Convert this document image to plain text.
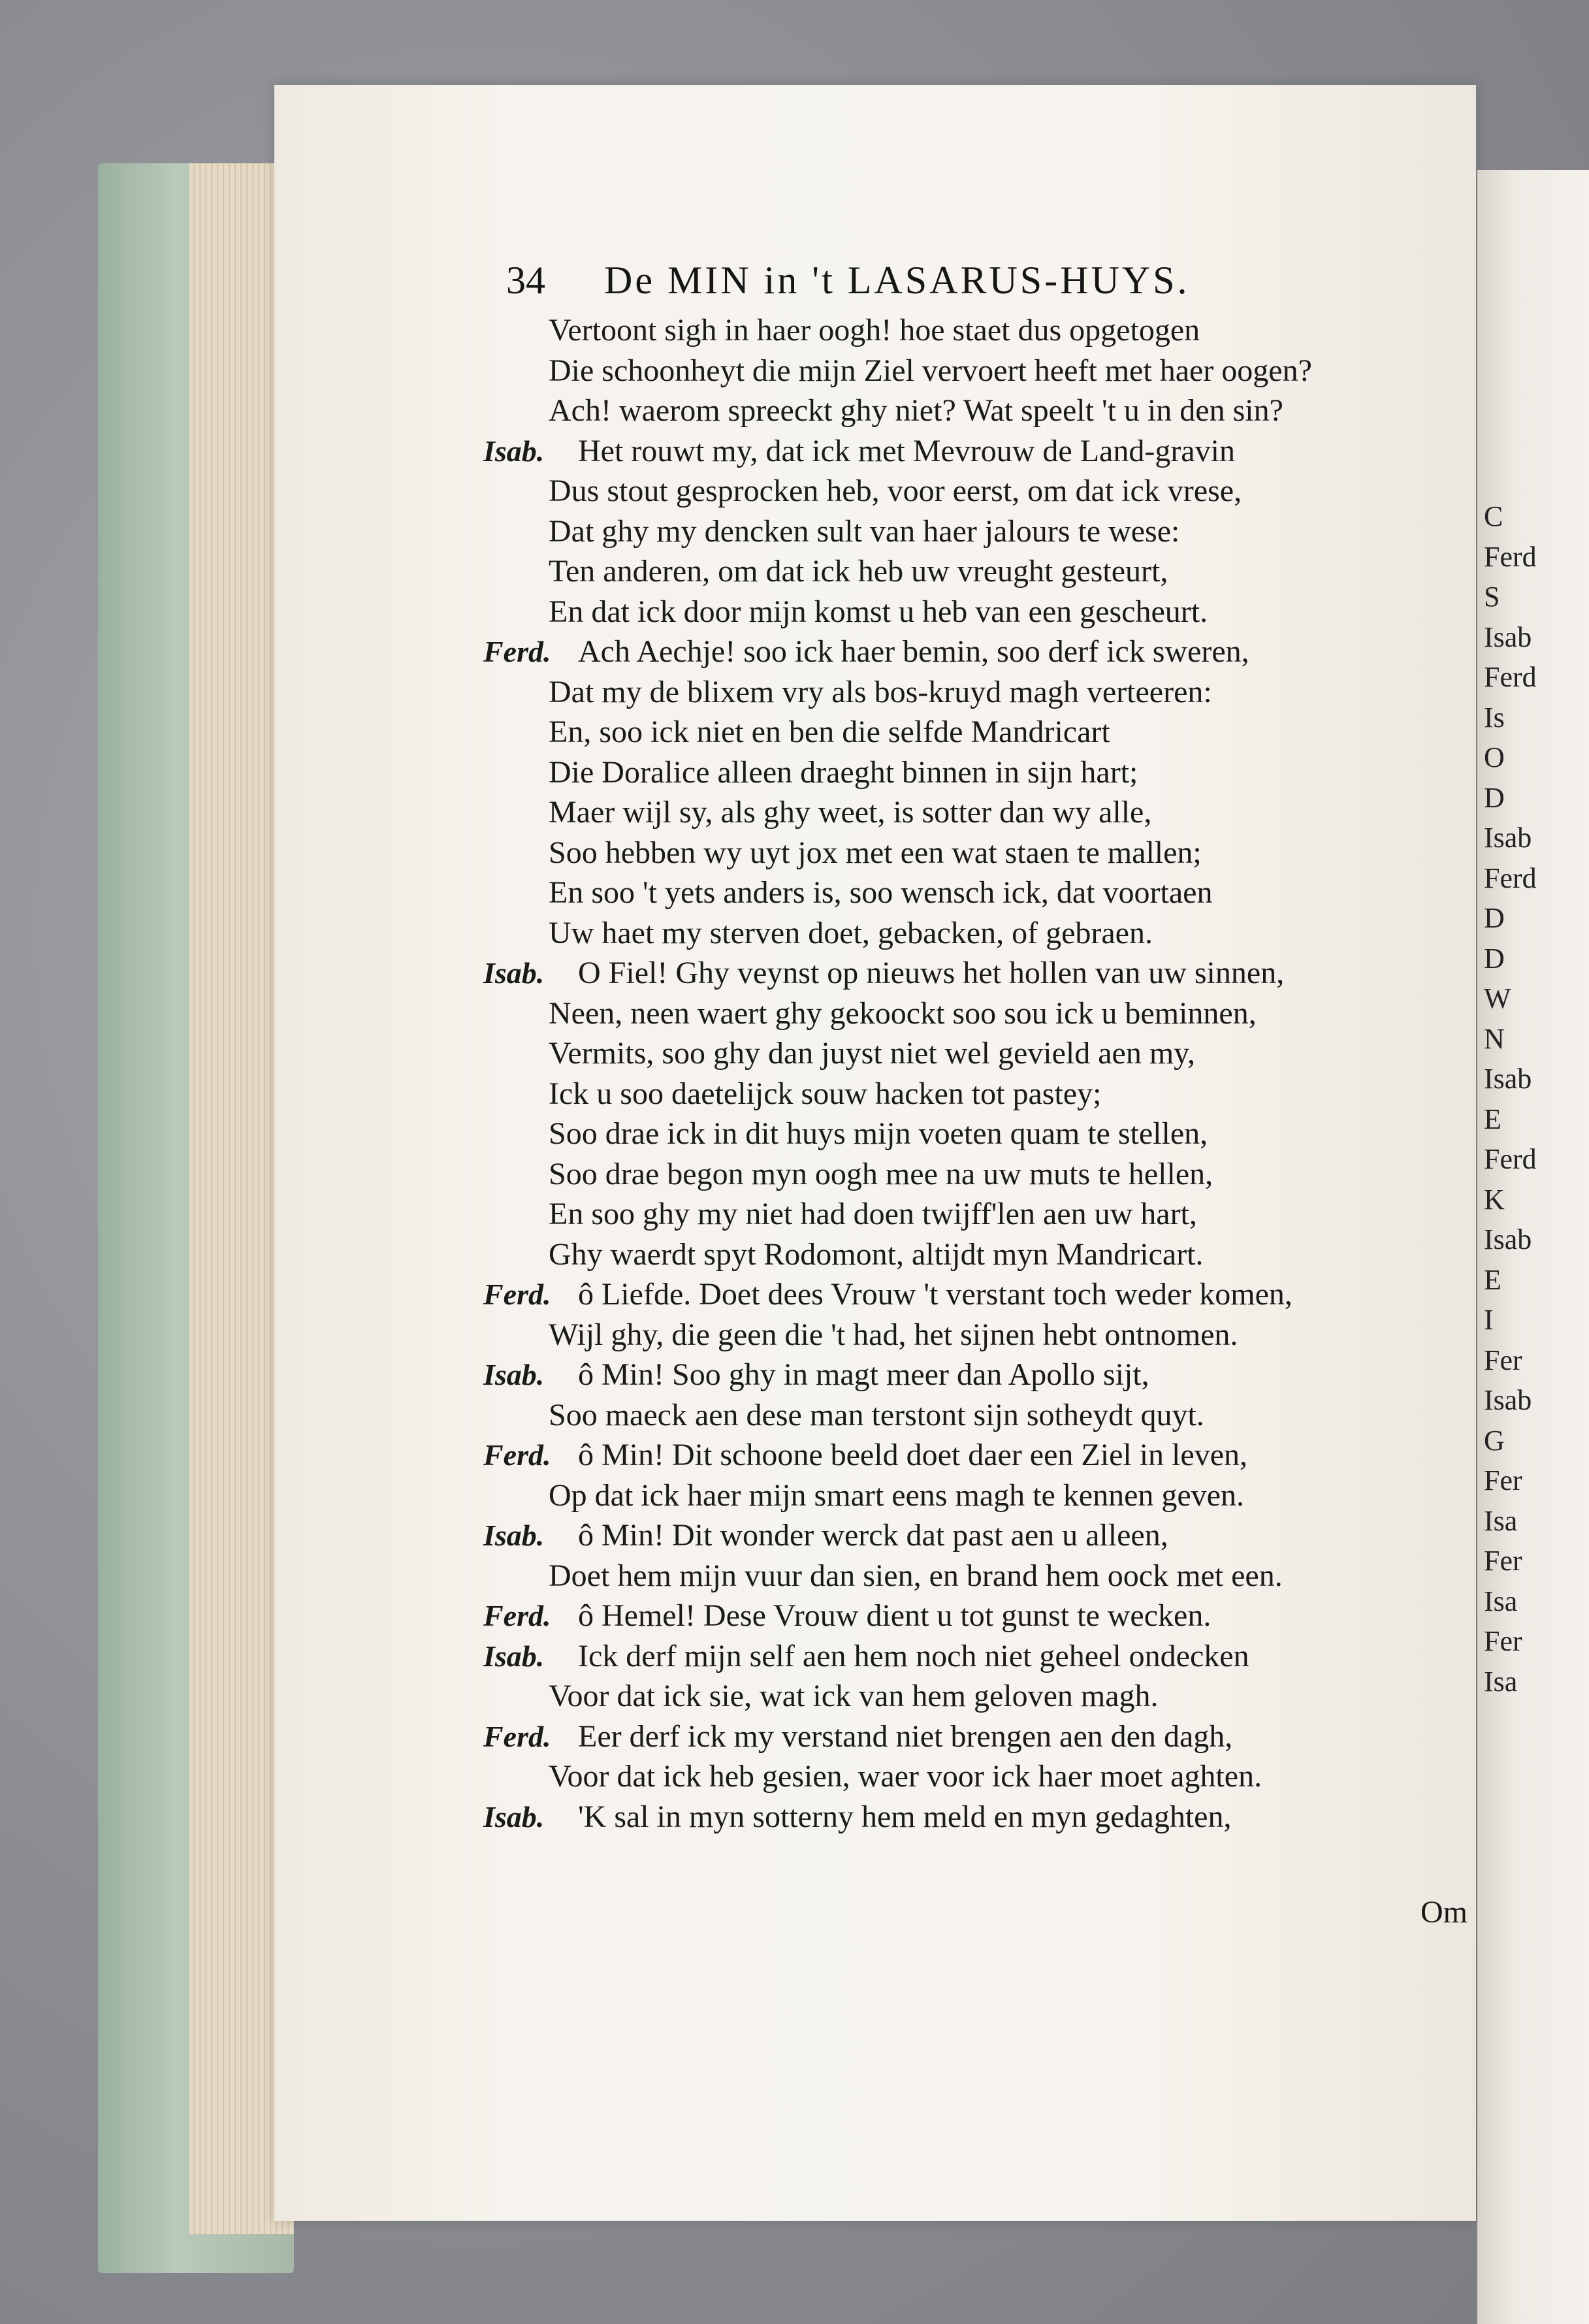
34	De MIN in 't LASARUS-HUYS.
Vertoont sigh in haer oogh! hoe staet dus opgetogen
Die schoonheyt die mijn Ziel vervoert heeft met haer oogen?
Ach! waerom spreeckt ghy niet? Wat speelt 't u in den sin?
Isab. Het rouwt my, dat ick met Mevrouw de Land-gravin
Dus stout gesprocken heb, voor eerst, om dat ick vrese,
Dat ghy my dencken sult van haer jalours te wese:
Ten anderen, om dat ick heb uw vreught gesteurt,
En dat ick door mijn komst u heb van een gescheurt.
Ferd. Ach Aechje! soo ick haer bemin, soo derf ick sweren,
Dat my de blixem vry als bos-kruyd magh verteeren:
En, soo ick niet en ben die selfde Mandricart
Die Doralice alleen draeght binnen in sijn hart;
Maer wijl sy, als ghy weet, is sotter dan wy alle,
Soo hebben wy uyt jox met een wat staen te mallen;
En soo 't yets anders is, soo wensch ick, dat voortaen
Uw haet my sterven doet, gebacken, of gebraen.
Isab. O Fiel! Ghy veynst op nieuws het hollen van uw sinnen,
Neen, neen waert ghy gekoockt soo sou ick u beminnen,
Vermits, soo ghy dan juyst niet wel gevield aen my,
Ick u soo daetelijck souw hacken tot pastey;
Soo drae ick in dit huys mijn voeten quam te stellen,
Soo drae begon myn oogh mee na uw muts te hellen,
En soo ghy my niet had doen twijff'len aen uw hart,
Ghy waerdt spyt Rodomont, altijdt myn Mandricart.
Ferd. ô Liefde. Doet dees Vrouw 't verstant toch weder komen,
Wijl ghy, die geen die 't had, het sijnen hebt ontnomen.
Isab. ô Min! Soo ghy in magt meer dan Apollo sijt,
Soo maeck aen dese man terstont sijn sotheydt quyt.
Ferd. ô Min! Dit schoone beeld doet daer een Ziel in leven,
Op dat ick haer mijn smart eens magh te kennen geven.
Isab. ô Min! Dit wonder werck dat past aen u alleen,
Doet hem mijn vuur dan sien, en brand hem oock met een.
Ferd. ô Hemel! Dese Vrouw dient u tot gunst te wecken.
Isab. Ick derf mijn self aen hem noch niet geheel ondecken
Voor dat ick sie, wat ick van hem geloven magh.
Ferd. Eer derf ick my verstand niet brengen aen den dagh,
Voor dat ick heb gesien, waer voor ick haer moet aghten.
Isab. 'K sal in myn sotterny hem meld en myn gedaghten,
Om
C
Ferd
S
Isab
Ferd
Is
O
D
Isab
Ferd
D
D
W
N
Isab
E
Ferd
K
Isab
E
I
Fer
Isab
G
Fer
Isa
Fer
Isa
Fer
Isa
